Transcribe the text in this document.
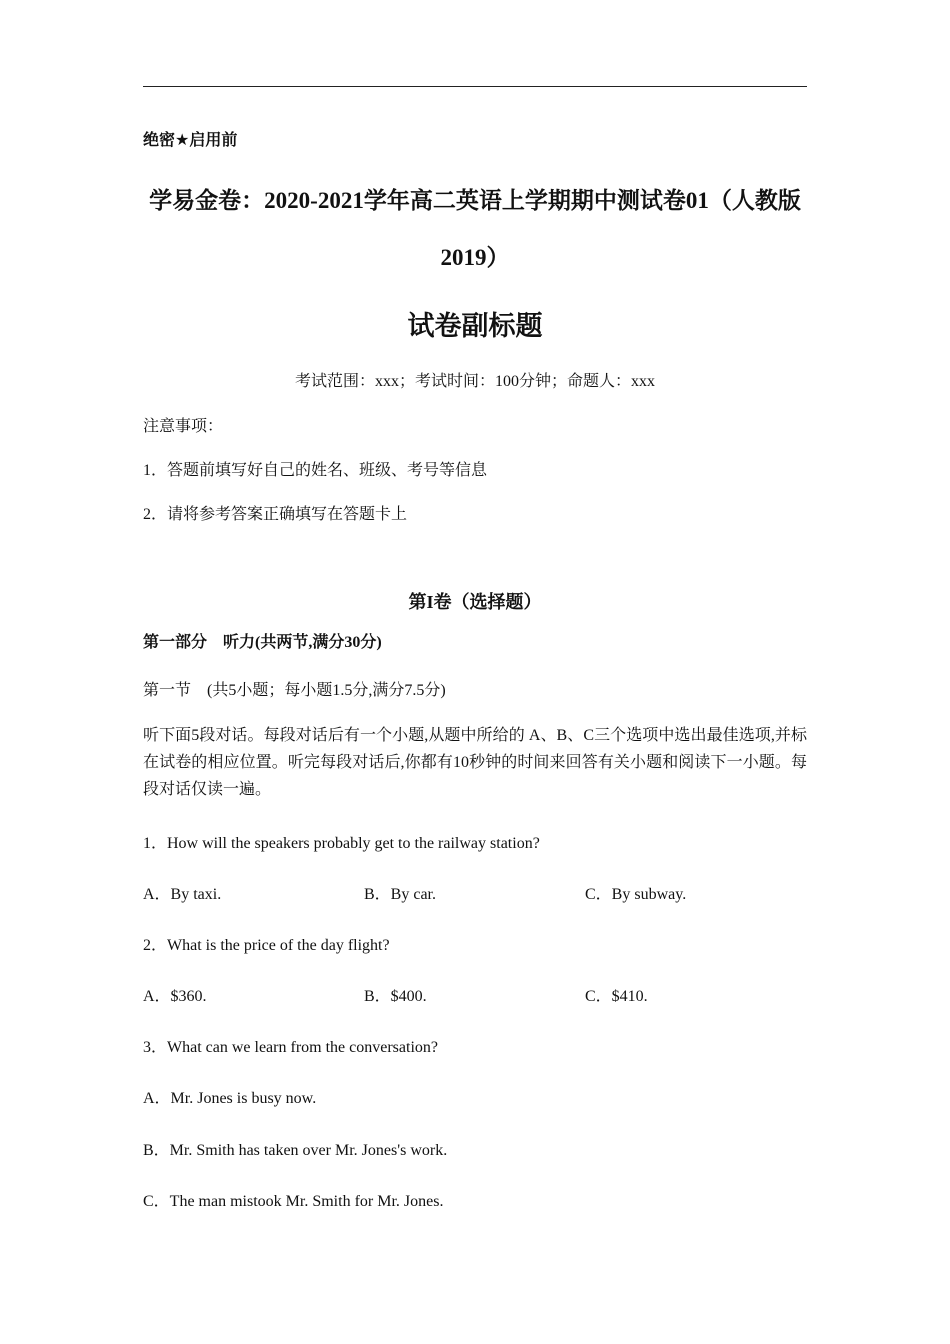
绝密★启用前
学易金卷：2020-2021学年高二英语上学期期中测试卷01（人教版2019）
试卷副标题
考试范围：xxx；考试时间：100分钟；命题人：xxx
注意事项：
1．答题前填写好自己的姓名、班级、考号等信息
2．请将参考答案正确填写在答题卡上
第I卷（选择题）
第一部分　听力(共两节,满分30分)
第一节　(共5小题；每小题1.5分,满分7.5分)
听下面5段对话。每段对话后有一个小题,从题中所给的 A、B、C三个选项中选出最佳选项,并标在试卷的相应位置。听完每段对话后,你都有10秒钟的时间来回答有关小题和阅读下一小题。每段对话仅读一遍。
1．How will the speakers probably get to the railway station?
A．By taxi.	B．By car.	C．By subway.
2．What is the price of the day flight?
A．$360.	B．$400.	C．$410.
3．What can we learn from the conversation?
A．Mr. Jones is busy now.
B．Mr. Smith has taken over Mr. Jones's work.
C．The man mistook Mr. Smith for Mr. Jones.
